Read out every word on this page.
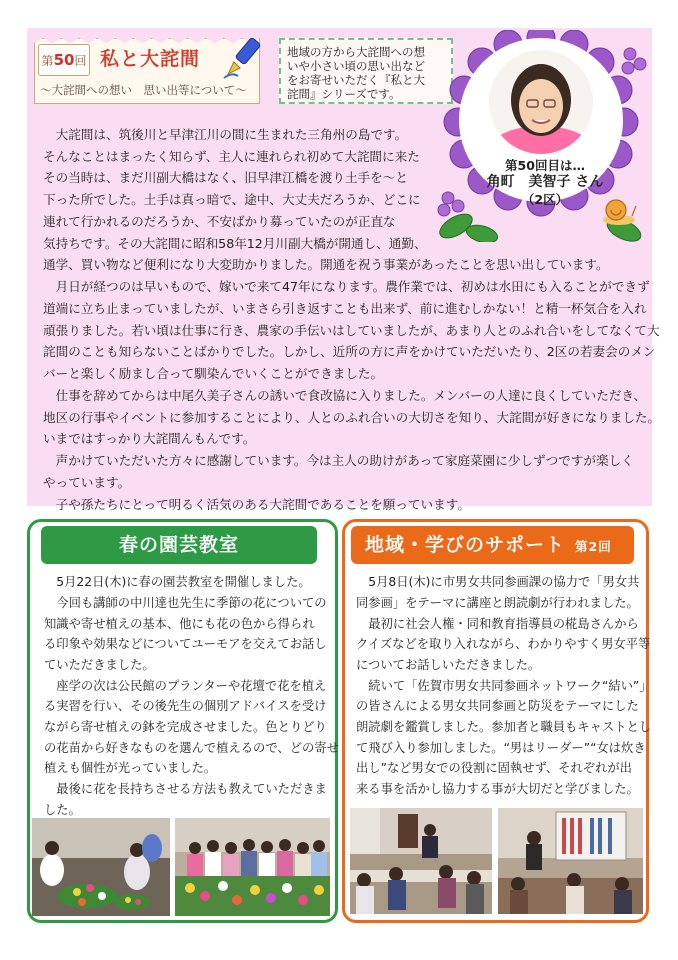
第50回 私と大詫間
～大詫間への想い　思い出等について～
地域の方から大詫間への想
いや小さい頃の思い出など
をお寄せいただく『私と大
詫間』シリーズです。
第50回目は…
角町　美智子 さん
（2区）
　大詫間は、筑後川と早津江川の間に生まれた三角州の島です。
そんなことはまったく知らず、主人に連れられ初めて大詫間に来た
その当時は、まだ川副大橋はなく、旧早津江橋を渡り土手を～と
下った所でした。土手は真っ暗で、途中、大丈夫だろうか、どこに
連れて行かれるのだろうか、不安ばかり募っていたのが正直な
気持ちです。その大詫間に昭和58年12月川副大橋が開通し、通勤、
通学、買い物など便利になり大変助かりました。開通を祝う事業があったことを思い出しています。
　月日が経つのは早いもので、嫁いで来て47年になります。農作業では、初めは水田にも入ることができず
道端に立ち止まっていましたが、いまさら引き返すことも出来ず、前に進むしかない！と精一杯気合を入れ
頑張りました。若い頃は仕事に行き、農家の手伝いはしていましたが、あまり人とのふれ合いをしてなくて大
詫間のことも知らないことばかりでした。しかし、近所の方に声をかけていただいたり、2区の若妻会のメン
バーと楽しく励まし合って馴染んでいくことができました。
　仕事を辞めてからは中尾久美子さんの誘いで食改協に入りました。メンバーの人達に良くしていただき、
地区の行事やイベントに参加することにより、人とのふれ合いの大切さを知り、大詫間が好きになりました。
いまではすっかり大詫間んもんです。
　声かけていただいた方々に感謝しています。今は主人の助けがあって家庭菜園に少しずつですが楽しく
やっています。
　子や孫たちにとって明るく活気のある大詫間であることを願っています。
春の園芸教室
　5月22日(木)に春の園芸教室を開催しました。
　今回も講師の中川達也先生に季節の花についての
知識や寄せ植えの基本、他にも花の色から得られ
る印象や効果などについてユーモアを交えてお話し
ていただきました。
　座学の次は公民館のプランターや花壇で花を植え
る実習を行い、その後先生の個別アドバイスを受け
ながら寄せ植えの鉢を完成させました。色とりどり
の花苗から好きなものを選んで植えるので、どの寄せ
植えも個性が光っていました。
　最後に花を長持ちさせる方法も教えていただきま
した。
地域・学びのサポート 第2回
　5月8日(木)に市男女共同参画課の協力で「男女共
同参画」をテーマに講座と朗読劇が行われました。
　最初に社会人権・同和教育指導員の椛島さんから
クイズなどを取り入れながら、わかりやすく男女平等
についてお話しいただきました。
　続いて「佐賀市男女共同参画ネットワーク“結い”」
の皆さんによる男女共同参画と防災をテーマにした
朗読劇を鑑賞しました。参加者と職員もキャストとし
て飛び入り参加しました。“男はリーダー”“女は炊き
出し”など男女での役割に固執せず、それぞれが出
来る事を活かし協力する事が大切だと学びました。
